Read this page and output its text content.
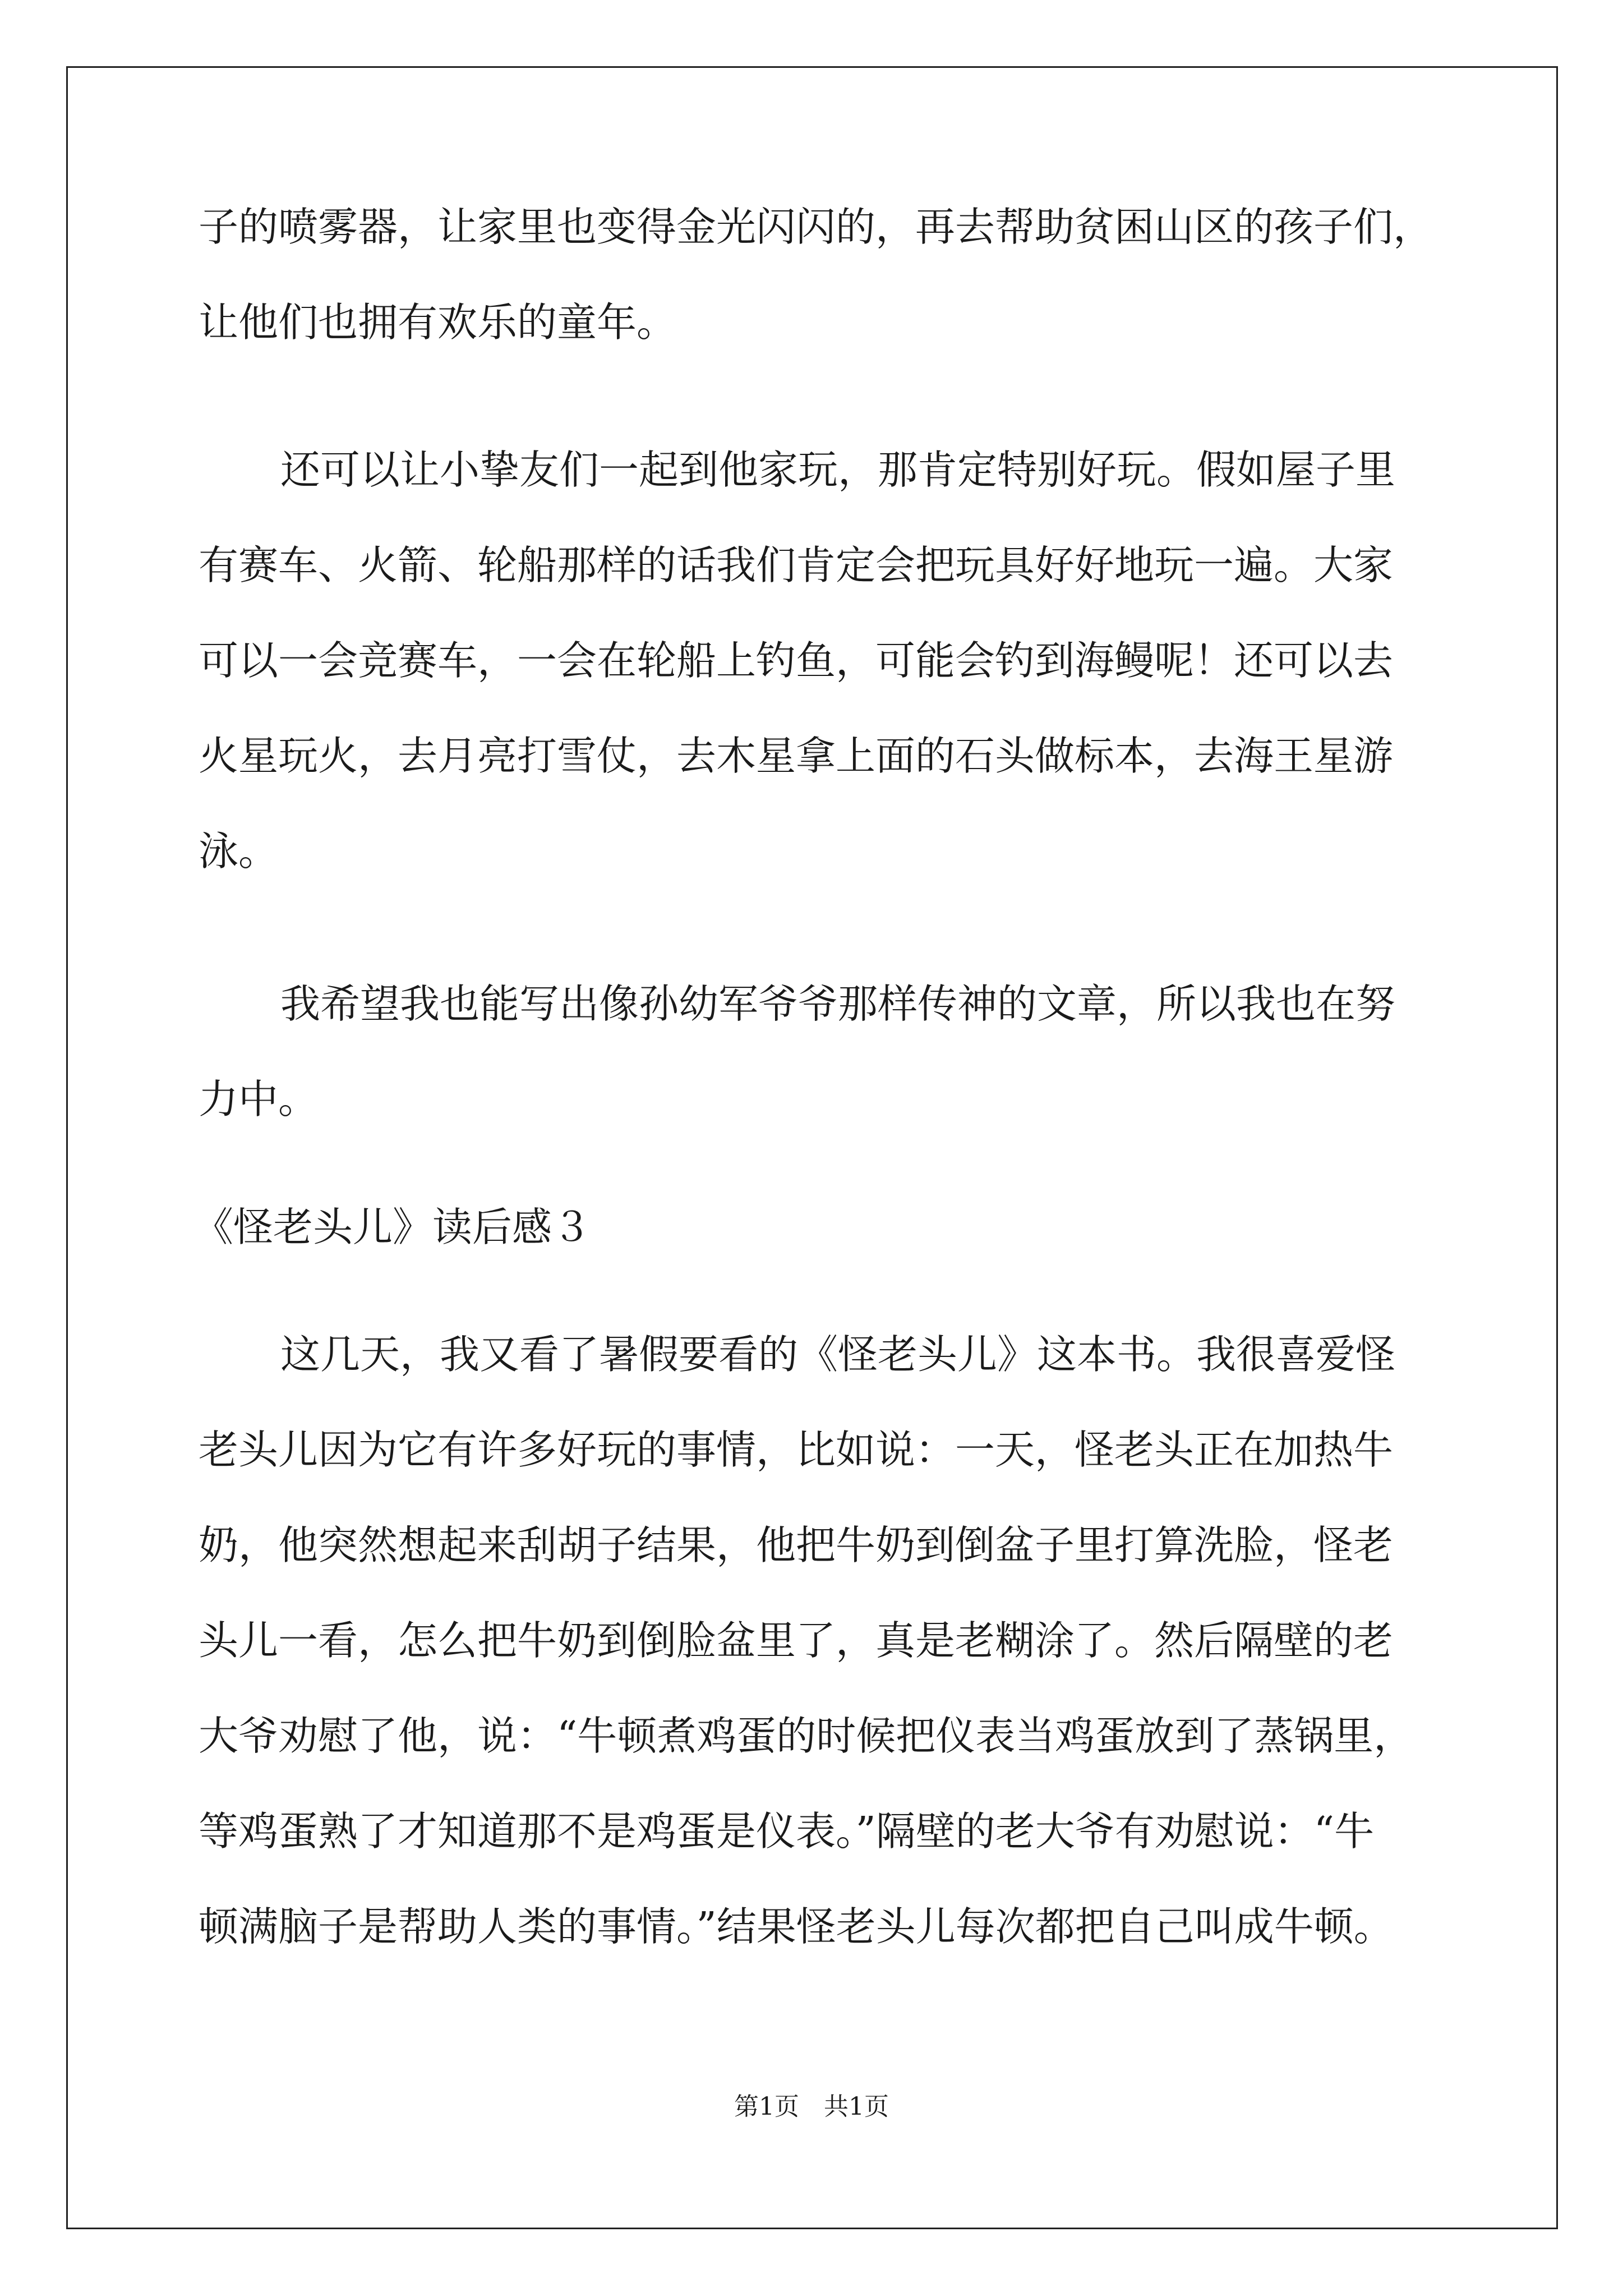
子的喷雾器，让家里也变得金光闪闪的，再去帮助贫困山区的孩子们，
让他们也拥有欢乐的童年。
还可以让小挚友们一起到他家玩，那肯定特别好玩。假如屋子里
有赛车、火箭、轮船那样的话我们肯定会把玩具好好地玩一遍。大家
可以一会竞赛车，一会在轮船上钓鱼，可能会钓到海鳗呢！还可以去
火星玩火，去月亮打雪仗，去木星拿上面的石头做标本，去海王星游
泳。
我希望我也能写出像孙幼军爷爷那样传神的文章，所以我也在努
力中。
《怪老头儿》读后感３
这几天，我又看了暑假要看的《怪老头儿》这本书。我很喜爱怪
老头儿因为它有许多好玩的事情，比如说：一天，怪老头正在加热牛
奶，他突然想起来刮胡子结果，他把牛奶到倒盆子里打算洗脸，怪老
头儿一看，怎么把牛奶到倒脸盆里了，真是老糊涂了。然后隔壁的老
大爷劝慰了他，说：“牛顿煮鸡蛋的时候把仪表当鸡蛋放到了蒸锅里，
等鸡蛋熟了才知道那不是鸡蛋是仪表。”隔壁的老大爷有劝慰说：“牛
顿满脑子是帮助人类的事情。”结果怪老头儿每次都把自己叫成牛顿。
第1页　共1页
